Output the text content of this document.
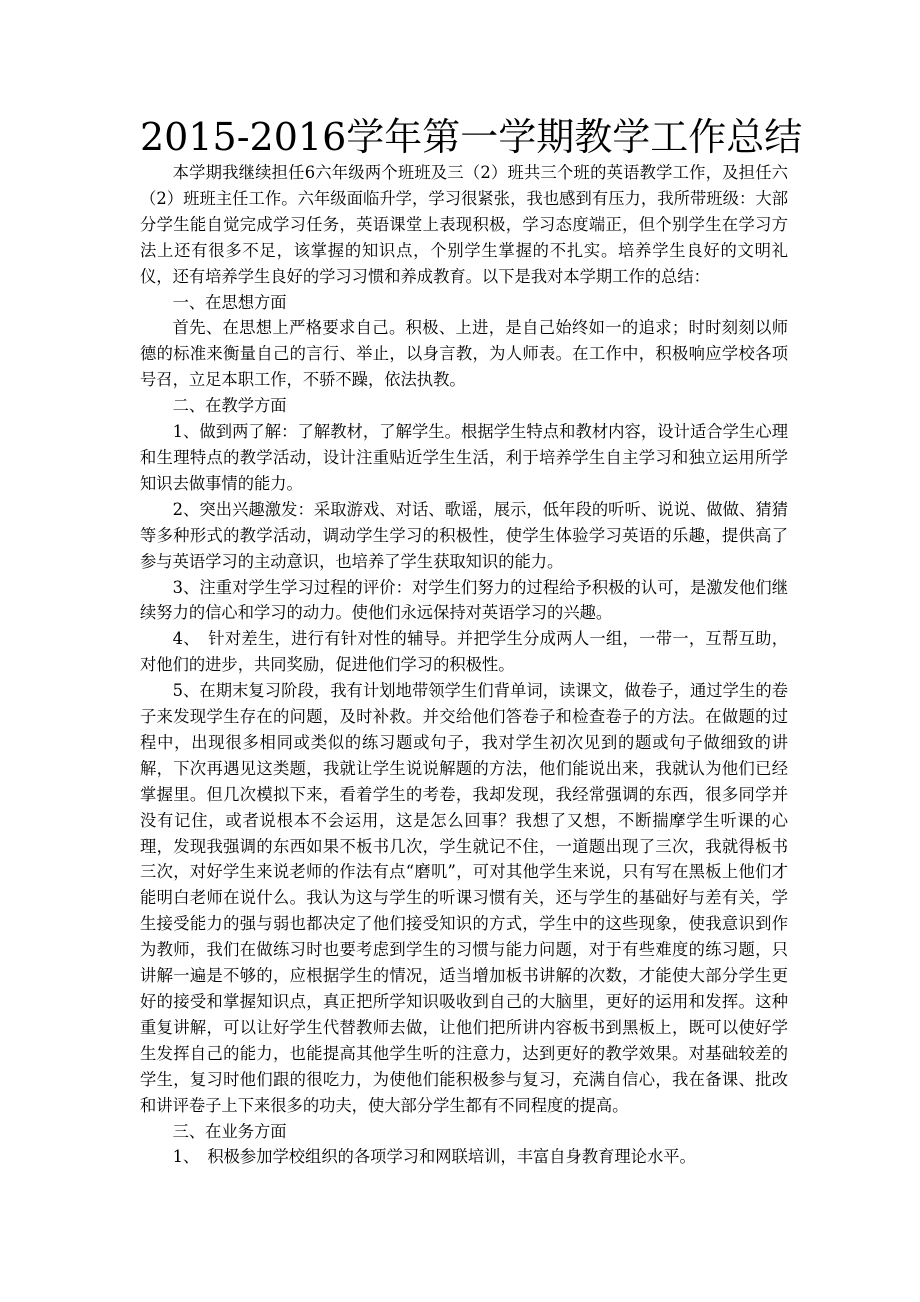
2015-2016学年第一学期教学工作总结

本学期我继续担任6六年级两个班班及三（2）班共三个班的英语教学工作，及担任六（2）班班主任工作。六年级面临升学，学习很紧张，我也感到有压力，我所带班级：大部分学生能自觉完成学习任务，英语课堂上表现积极，学习态度端正，但个别学生在学习方法上还有很多不足，该掌握的知识点，个别学生掌握的不扎实。培养学生良好的文明礼仪，还有培养学生良好的学习习惯和养成教育。以下是我对本学期工作的总结：

一、在思想方面

首先、在思想上严格要求自己。积极、上进，是自己始终如一的追求；时时刻刻以师德的标准来衡量自己的言行、举止，以身言教，为人师表。在工作中，积极响应学校各项号召，立足本职工作，不骄不躁，依法执教。

二、在教学方面

1、做到两了解：了解教材，了解学生。根据学生特点和教材内容，设计适合学生心理和生理特点的教学活动，设计注重贴近学生生活，利于培养学生自主学习和独立运用所学知识去做事情的能力。

2、突出兴趣激发：采取游戏、对话、歌谣，展示，低年段的听听、说说、做做、猜猜等多种形式的教学活动，调动学生学习的积极性，使学生体验学习英语的乐趣，提供高了参与英语学习的主动意识，也培养了学生获取知识的能力。

3、注重对学生学习过程的评价：对学生们努力的过程给予积极的认可，是激发他们继续努力的信心和学习的动力。使他们永远保持对英语学习的兴趣。

4、　针对差生，进行有针对性的辅导。并把学生分成两人一组，一带一，互帮互助，对他们的进步，共同奖励，促进他们学习的积极性。

5、在期末复习阶段，我有计划地带领学生们背单词，读课文，做卷子，通过学生的卷子来发现学生存在的问题，及时补救。并交给他们答卷子和检查卷子的方法。在做题的过程中，出现很多相同或类似的练习题或句子，我对学生初次见到的题或句子做细致的讲解，下次再遇见这类题，我就让学生说说解题的方法，他们能说出来，我就认为他们已经掌握里。但几次模拟下来，看着学生的考卷，我却发现，我经常强调的东西，很多同学并没有记住，或者说根本不会运用，这是怎么回事？我想了又想，不断揣摩学生听课的心理，发现我强调的东西如果不板书几次，学生就记不住，一道题出现了三次，我就得板书三次，对好学生来说老师的作法有点“磨叽”，可对其他学生来说，只有写在黑板上他们才能明白老师在说什么。我认为这与学生的听课习惯有关，还与学生的基础好与差有关，学生接受能力的强与弱也都决定了他们接受知识的方式，学生中的这些现象，使我意识到作为教师，我们在做练习时也要考虑到学生的习惯与能力问题，对于有些难度的练习题，只讲解一遍是不够的，应根据学生的情况，适当增加板书讲解的次数，才能使大部分学生更好的接受和掌握知识点，真正把所学知识吸收到自己的大脑里，更好的运用和发挥。这种重复讲解，可以让好学生代替教师去做，让他们把所讲内容板书到黑板上，既可以使好学生发挥自己的能力，也能提高其他学生听的注意力，达到更好的教学效果。对基础较差的学生，复习时他们跟的很吃力，为使他们能积极参与复习，充满自信心，我在备课、批改和讲评卷子上下来很多的功夫，使大部分学生都有不同程度的提高。

三、在业务方面

1、　积极参加学校组织的各项学习和网联培训，丰富自身教育理论水平。
